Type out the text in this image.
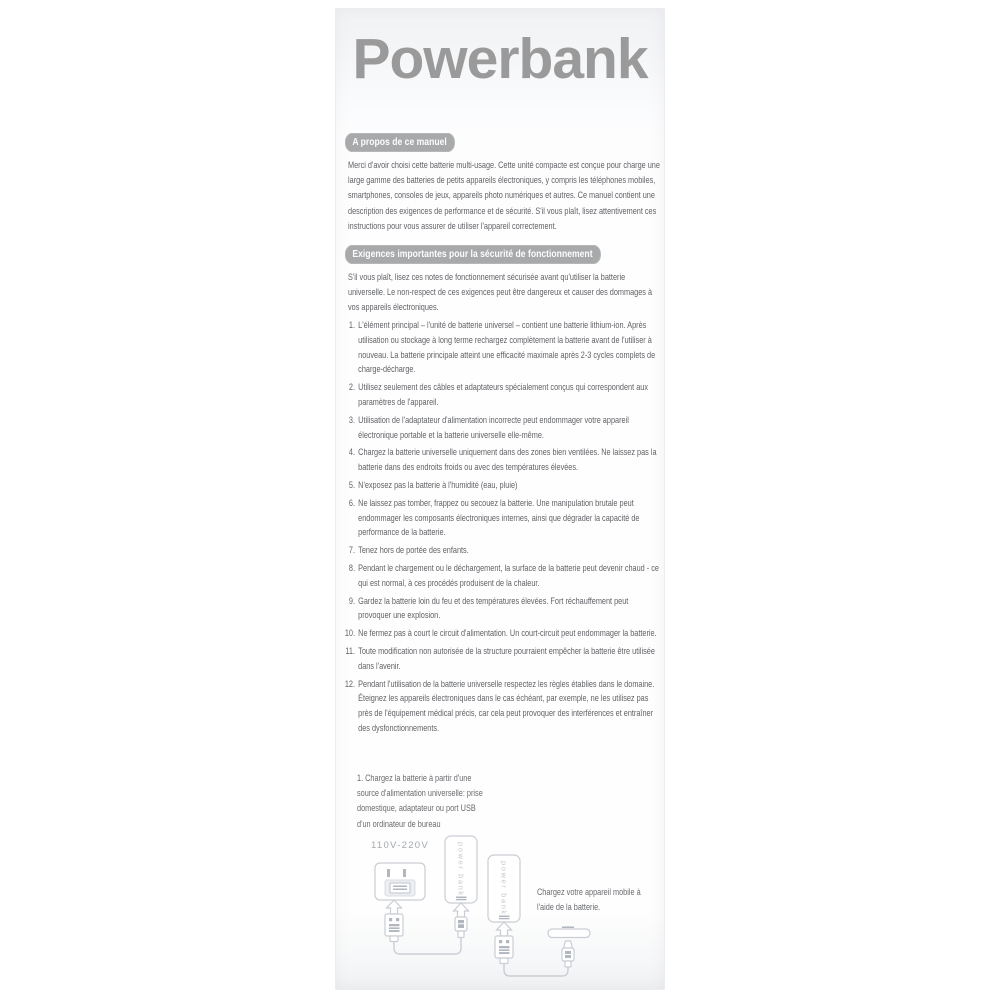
Powerbank
A propos de ce manuel
Merci d'avoir choisi cette batterie multi-usage. Cette unité compacte est conçue pour charge une large gamme des batteries de petits appareils électroniques, y compris les téléphones mobiles, smartphones, consoles de jeux, appareils photo numériques et autres. Ce manuel contient une description des exigences de performance et de sécurité. S'il vous plaît, lisez attentivement ces instructions pour vous assurer de utiliser l'appareil correctement.
Exigences importantes pour la sécurité de fonctionnement
S'il vous plaît, lisez ces notes de fonctionnement sécurisée avant qu'utiliser la batterie universelle. Le non-respect de ces exigences peut être dangereux et causer des dommages à vos appareils électroniques.
1. L'élément principal – l'unité de batterie universel – contient une batterie lithium-ion. Après utilisation ou stockage à long terme rechargez complètement la batterie avant de l'utiliser à nouveau. La batterie principale atteint une efficacité maximale après 2-3 cycles complets de charge-décharge.
2. Utilisez seulement des câbles et adaptateurs spécialement conçus qui correspondent aux paramètres de l'appareil.
3. Utilisation de l'adaptateur d'alimentation incorrecte peut endommager votre appareil électronique portable et la batterie universelle elle-même.
4. Chargez la batterie universelle uniquement dans des zones bien ventilées. Ne laissez pas la batterie dans des endroits froids ou avec des températures élevées.
5. N'exposez pas la batterie à l'humidité (eau, pluie)
6. Ne laissez pas tomber, frappez ou secouez la batterie. Une manipulation brutale peut endommager les composants électroniques internes, ainsi que dégrader la capacité de performance de la batterie.
7. Tenez hors de portée des enfants.
8. Pendant le chargement ou le déchargement, la surface de la batterie peut devenir chaud - ce qui est normal, à ces procédés produisent de la chaleur.
9. Gardez la batterie loin du feu et des températures élevées. Fort réchauffement peut provoquer une explosion.
10. Ne fermez pas à court le circuit d'alimentation. Un court-circuit peut endommager la batterie.
11. Toute modification non autorisée de la structure pourraient empêcher la batterie être utilisée dans l'avenir.
12. Pendant l'utilisation de la batterie universelle respectez les règles établies dans le domaine. Éteignez les appareils électroniques dans le cas échéant, par exemple, ne les utilisez pas près de l'équipement médical précis, car cela peut provoquer des interférences et entraîner des dysfonctionnements.
1. Chargez la batterie à partir d'une source d'alimentation universelle: prise domestique, adaptateur ou port USB d'un ordinateur de bureau
110V-220V	power bank	power bank	Chargez votre appareil mobile à l'aide de la batterie.
